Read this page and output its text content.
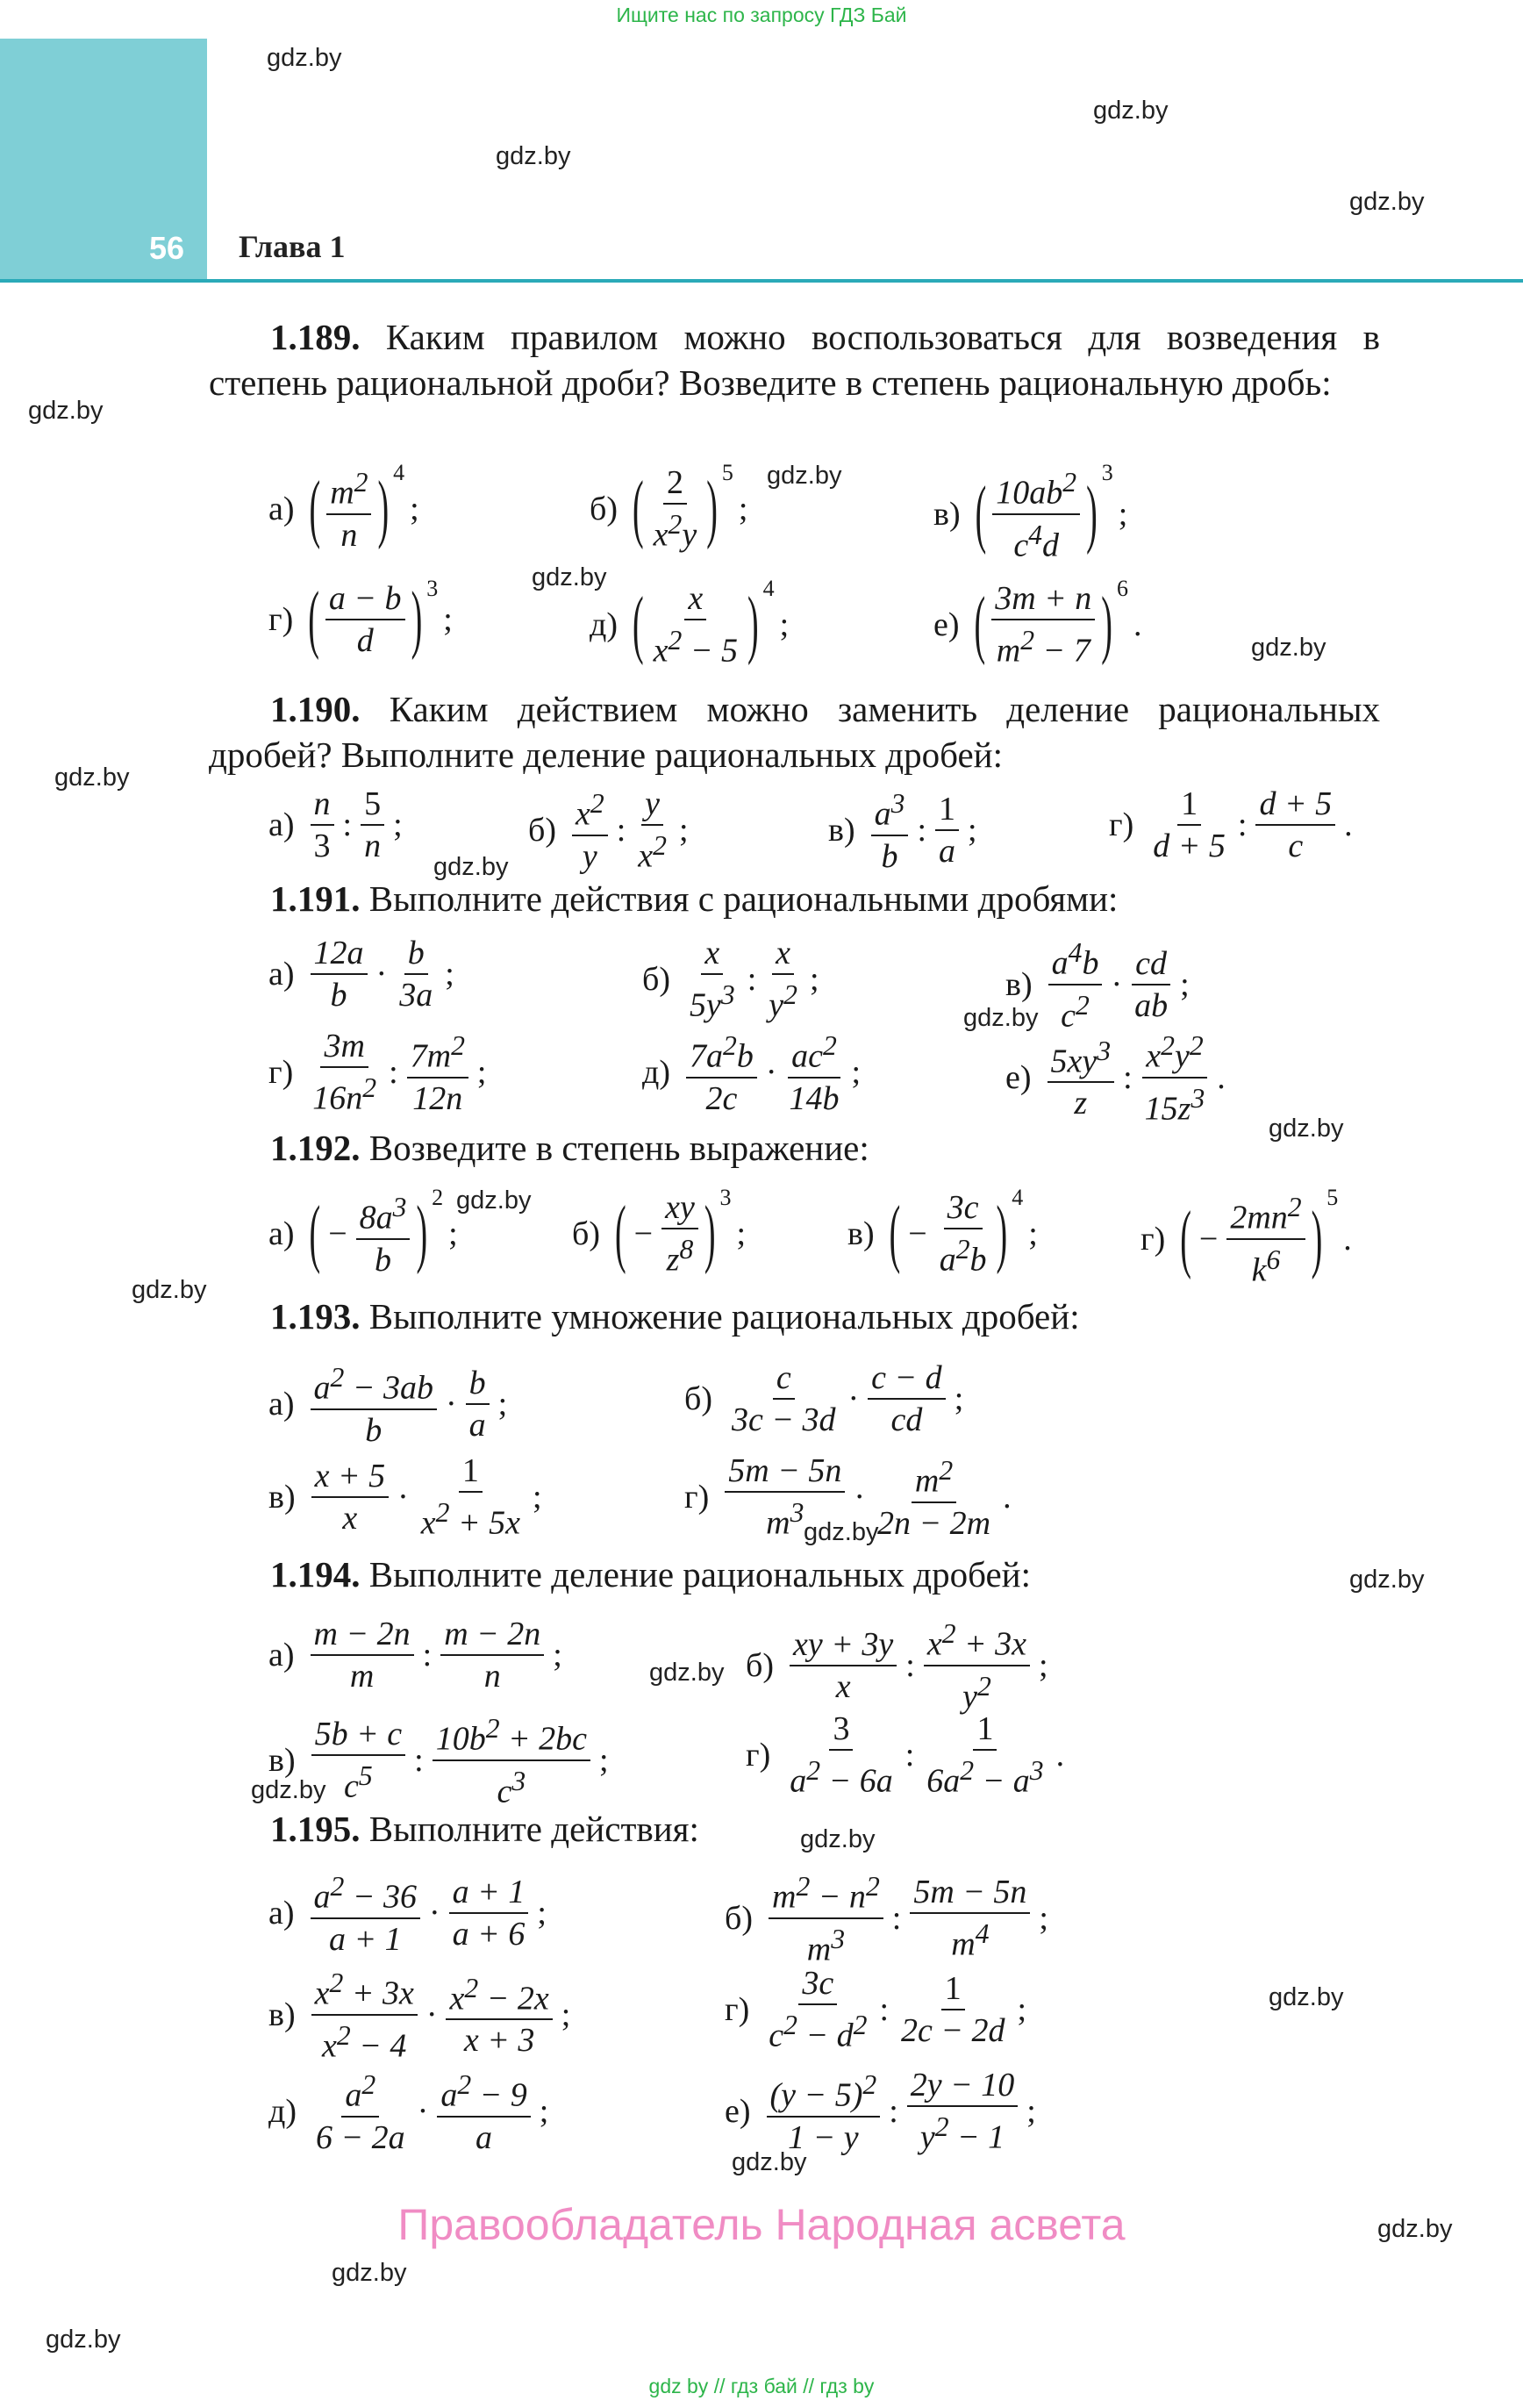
Ищите нас по запросу ГДЗ Бай
56 Глава 1
gdz.by
gdz.by
gdz.by
gdz.by
gdz.by
gdz.by
gdz.by
gdz.by
gdz.by
gdz.by
gdz.by
gdz.by
gdz.by
gdz.by
gdz.by
gdz.by
gdz.by
gdz.by
gdz.by
gdz.by
gdz.by
gdz.by
gdz.by
gdz.by
1.189. Каким правилом можно воспользоваться для возведения в степень рациональной дроби? Возведите в степень рациональную дробь:
а) ( $\frac{m^2}{n}$ ) 4
;	б) ( $\frac{2}{x^2y}$ ) 5
;	в) ( $\frac{10ab^2}{c^4d}$ ) 3
;
г) ( $\frac{a - b}{d}$ ) 3
;	д) ( $\frac{x}{x^2 - 5}$ ) 4
;	е) ( $\frac{3m + n}{m^2 - 7}$ ) 6
.
1.190. Каким действием можно заменить деление рациональных дробей? Выполните деление рациональных дробей:
$а) \frac{n}{3}$ : $\frac{5}{n}$ ;	$б) \frac{x^2}{y}$ : $\frac{y}{x^2}$ ;	$в) \frac{a^3}{b}$ : $\frac{1}{a}$ ;	$г) \frac{1}{d + 5}$ : $\frac{d + 5}{c}$ .
1.191. Выполните действия с рациональными дробями:
$а) \frac{12a}{b} \cdot \frac{b}{3a}$ ;	$б) \frac{x}{5y^3}$ : $\frac{x}{y^2}$ ;	$в) \frac{a^4b}{c^2} \cdot \frac{cd}{ab}$ ;
$г) \frac{3m}{16n^2}$ : $\frac{7m^2}{12n}$ ;	$д) \frac{7a^2b}{2c} \cdot \frac{ac^2}{14b}$ ;	$е) \frac{5xy^3}{z}$ : $\frac{x^2y^2}{15z^3}$ .
1.192. Возведите в степень выражение:
а) ( − $\frac{8a^3}{b}$ ) 2
;	б) ( − $\frac{xy}{z^8}$ ) 3
;	в) ( − $\frac{3c}{a^2b}$ ) 4
;	г) ( − $\frac{2mn^2}{k^6}$ ) 5
.
1.193. Выполните умножение рациональных дробей:
$а) \frac{a^2 - 3ab}{b} \cdot \frac{b}{a}$ ;	$б) \frac{c}{3c - 3d} \cdot \frac{c - d}{cd}$ ;
$в) \frac{x + 5}{x} \cdot \frac{1}{x^2 + 5x}$ ;	$г) \frac{5m - 5n}{m^3} \cdot \frac{m^2}{2n - 2m}$ .
1.194. Выполните деление рациональных дробей:
$а) \frac{m - 2n}{m}$ : $\frac{m - 2n}{n}$ ;	$б) \frac{xy + 3y}{x}$ : $\frac{x^2 + 3x}{y^2}$ ;
$в) \frac{5b + c}{c^5}$ : $\frac{10b^2 + 2bc}{c^3}$ ;	$г) \frac{3}{a^2 - 6a}$ : $\frac{1}{6a^2 - a^3}$ .
1.195. Выполните действия:
$а) \frac{a^2 - 36}{a + 1} \cdot \frac{a + 1}{a + 6}$ ;	$б) \frac{m^2 - n^2}{m^3}$ : $\frac{5m - 5n}{m^4}$ ;
$в) \frac{x^2 + 3x}{x^2 - 4} \cdot \frac{x^2 - 2x}{x + 3}$ ;	$г) \frac{3c}{c^2 - d^2}$ : $\frac{1}{2c - 2d}$ ;
$д) \frac{a^2}{6 - 2a} \cdot \frac{a^2 - 9}{a}$ ;	$е) \frac{(y - 5)^2}{1 - y}$ : $\frac{2y - 10}{y^2 - 1}$ ;
Правообладатель Народная асвета
gdz by // гдз бай // гдз by
